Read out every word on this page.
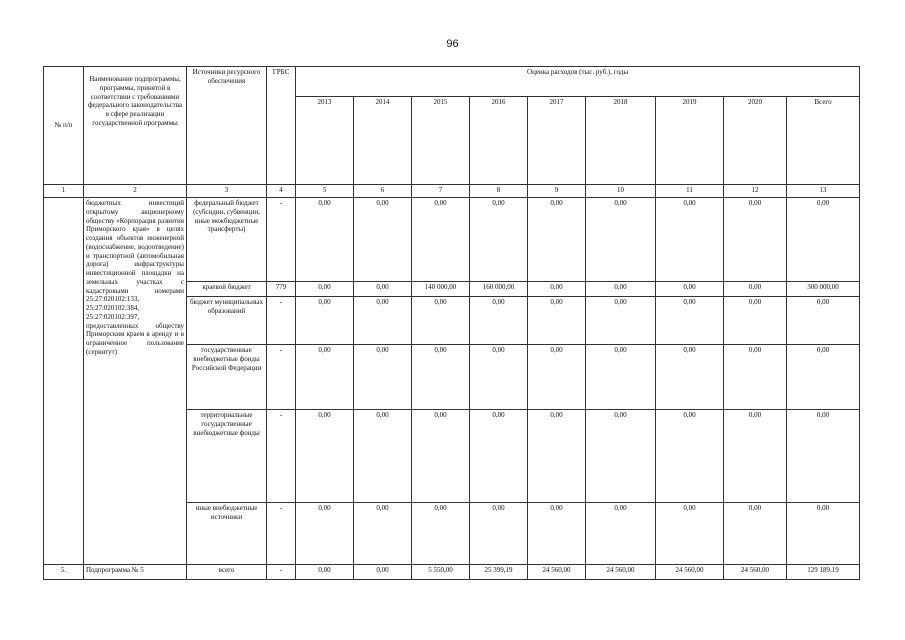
96
№ п/п	Наименование подпрограммы, программы, принятой в соответствии с требованиями федерального законодательства в сфере реализации государственной программы	Источники ресурсного обеспечения	ГРБС	Оценка расходов (тыс. руб.), годы								
				2013	2014	2015	2016	2017	2018	2019	2020	Всего
1	2	3	4	5	6	7	8	9	10	11	12	13
	бюджетных инвестиций открытому акционерному обществу «Корпорация развития Приморского края» в целях создания объектов инженерной (водоснабжение, водоотведение) и транспортной (автомобильная дорога) инфраструктуры инвестиционной площадки на земельных участках с кадастровыми номерами 25:27:020102:133, 25:27:020102:384, 25:27:020102:397, предоставленных обществу Приморским краем в аренду и в ограниченное пользование (сервитут)	федеральный бюджет (субсидии, субвенции, иные межбюджетные трансферты)	-	0,00	0,00	0,00	0,00	0,00	0,00	0,00	0,00	0,00
		краевой бюджет	779	0,00	0,00	140 000,00	160 000,00	0,00	0,00	0,00	0,00	300 000,00
		бюджет муниципальных образований	-	0,00	0,00	0,00	0,00	0,00	0,00	0,00	0,00	0,00
		государственные внебюджетные фонды Российской Федерации	-	0,00	0,00	0,00	0,00	0,00	0,00	0,00	0,00	0,00
		территориальные государственные внебюджетные фонды	-	0,00	0,00	0,00	0,00	0,00	0,00	0,00	0,00	0,00
		иные внебюджетные источники	-	0,00	0,00	0,00	0,00	0,00	0,00	0,00	0,00	0,00
5.	Подпрограмма № 5	всего	-	0,00	0,00	5 550,00	25 399,19	24 560,00	24 560,00	24 560,00	24 560,00	129 189,19
